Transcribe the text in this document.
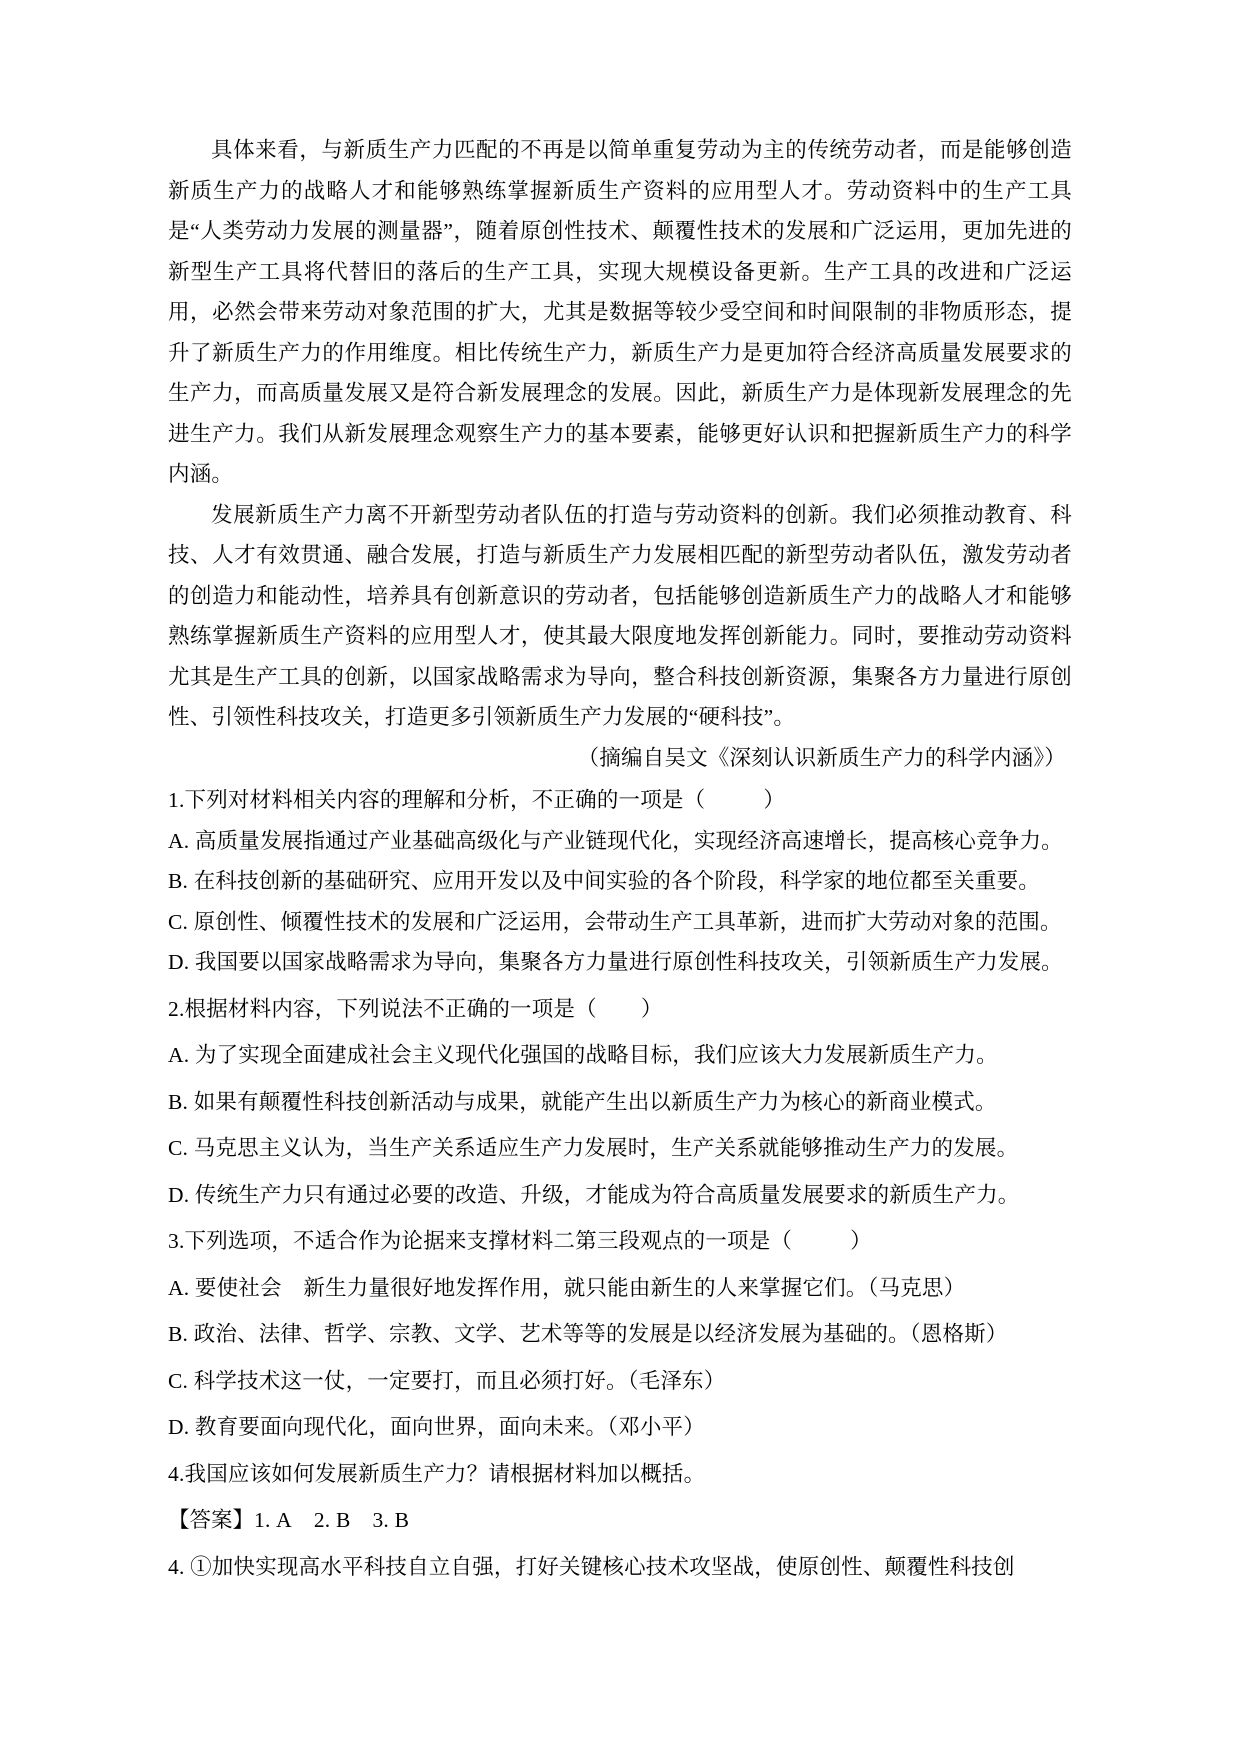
具体来看，与新质生产力匹配的不再是以简单重复劳动为主的传统劳动者，而是能够创造新质生产力的战略人才和能够熟练掌握新质生产资料的应用型人才。劳动资料中的生产工具是“人类劳动力发展的测量器”，随着原创性技术、颠覆性技术的发展和广泛运用，更加先进的新型生产工具将代替旧的落后的生产工具，实现大规模设备更新。生产工具的改进和广泛运用，必然会带来劳动对象范围的扩大，尤其是数据等较少受空间和时间限制的非物质形态，提升了新质生产力的作用维度。相比传统生产力，新质生产力是更加符合经济高质量发展要求的生产力，而高质量发展又是符合新发展理念的发展。因此，新质生产力是体现新发展理念的先进生产力。我们从新发展理念观察生产力的基本要素，能够更好认识和把握新质生产力的科学内涵。

发展新质生产力离不开新型劳动者队伍的打造与劳动资料的创新。我们必须推动教育、科技、人才有效贯通、融合发展，打造与新质生产力发展相匹配的新型劳动者队伍，激发劳动者的创造力和能动性，培养具有创新意识的劳动者，包括能够创造新质生产力的战略人才和能够熟练掌握新质生产资料的应用型人才，使其最大限度地发挥创新能力。同时，要推动劳动资料尤其是生产工具的创新，以国家战略需求为导向，整合科技创新资源，集聚各方力量进行原创性、引领性科技攻关，打造更多引领新质生产力发展的“硬科技”。

（摘编自吴文《深刻认识新质生产力的科学内涵》）

1.下列对材料相关内容的理解和分析，不正确的一项是（	）

A. 高质量发展指通过产业基础高级化与产业链现代化，实现经济高速增长，提高核心竞争力。

B. 在科技创新的基础研究、应用开发以及中间实验的各个阶段，科学家的地位都至关重要。

C. 原创性、倾覆性技术的发展和广泛运用，会带动生产工具革新，进而扩大劳动对象的范围。

D. 我国要以国家战略需求为导向，集聚各方力量进行原创性科技攻关，引领新质生产力发展。

2.根据材料内容，下列说法不正确的一项是（ ）

A. 为了实现全面建成社会主义现代化强国的战略目标，我们应该大力发展新质生产力。

B. 如果有颠覆性科技创新活动与成果，就能产生出以新质生产力为核心的新商业模式。

C. 马克思主义认为，当生产关系适应生产力发展时，生产关系就能够推动生产力的发展。

D. 传统生产力只有通过必要的改造、升级，才能成为符合高质量发展要求的新质生产力。

3.下列选项，不适合作为论据来支撑材料二第三段观点的一项是（	）

A. 要使社会　新生力量很好地发挥作用，就只能由新生的人来掌握它们。（马克思）

B. 政治、法律、哲学、宗教、文学、艺术等等的发展是以经济发展为基础的。（恩格斯）

C. 科学技术这一仗，一定要打，而且必须打好。（毛泽东）

D. 教育要面向现代化，面向世界，面向未来。（邓小平）

4.我国应该如何发展新质生产力？请根据材料加以概括。

【答案】1. A 2. B 3. B

4. ①加快实现高水平科技自立自强，打好关键核心技术攻坚战，使原创性、颠覆性科技创
